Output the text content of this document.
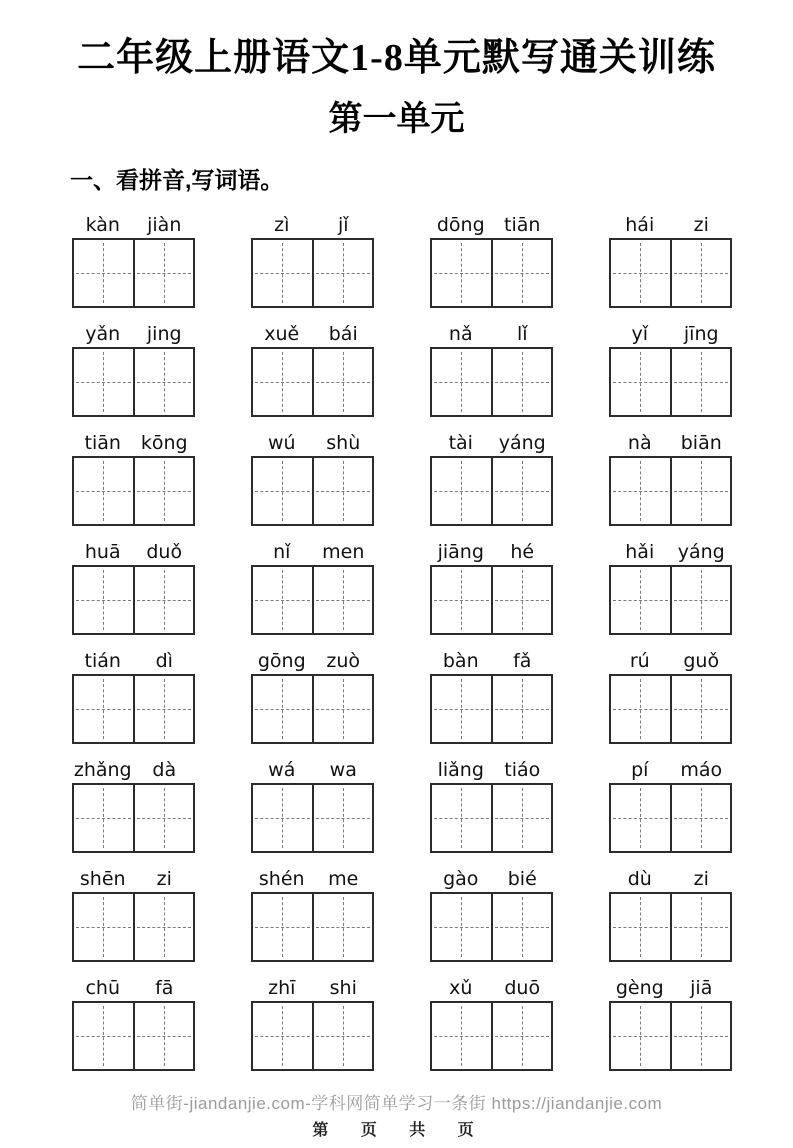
二年级上册语文1-8单元默写通关训练
第一单元
一、看拼音,写词语。
kàn	jiàn	zì	jǐ	dōng	tiān	hái	zi
yǎn	jing	xuě	bái	nǎ	lǐ	yǐ	jīng
tiān	kōng	wú	shù	tài	yáng	nà	biān
huā	duǒ	nǐ	men	jiāng	hé	hǎi	yáng
tián	dì	gōng	zuò	bàn	fǎ	rú	guǒ
zhǎng	dà	wá	wa	liǎng	tiáo	pí	máo
shēn	zi	shén	me	gào	bié	dù	zi
chū	fā	zhī	shi	xǔ	duō	gèng	jiā
简单街-jiandanjie.com-学科网简单学习一条街 https://jiandanjie.com
第 页 共 页
